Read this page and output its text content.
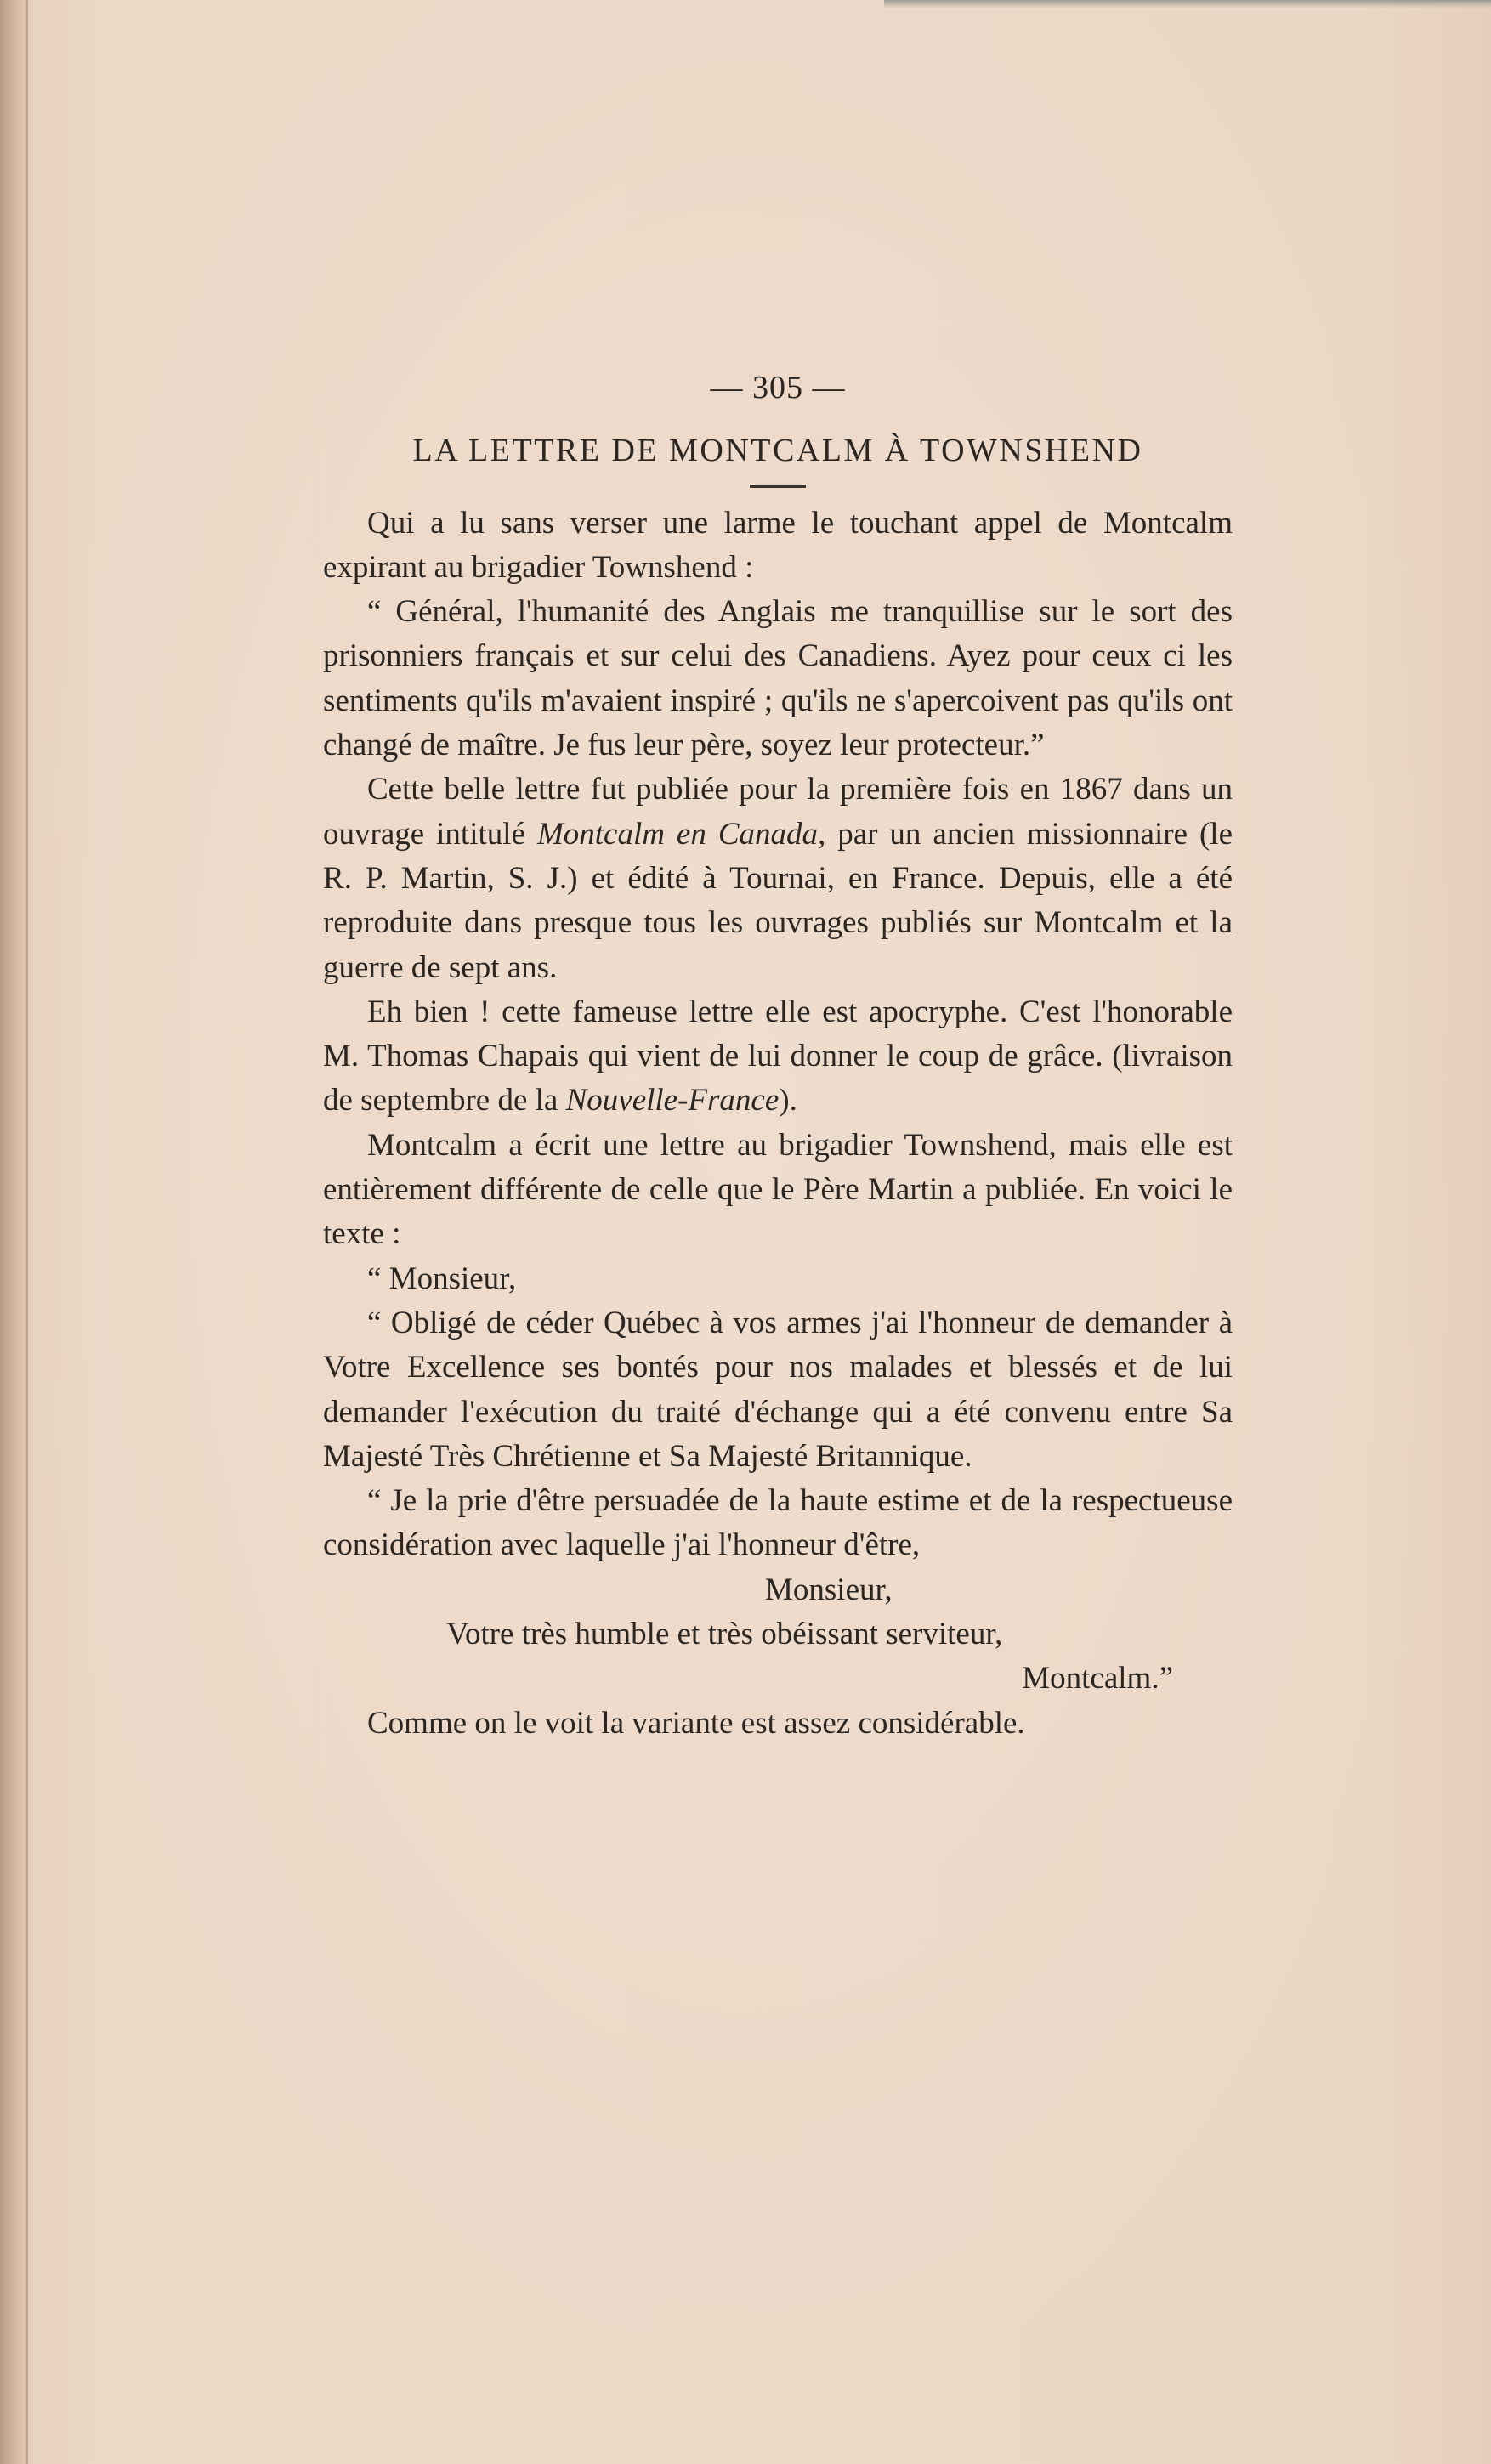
— 305 —
LA LETTRE DE MONTCALM À TOWNSHEND

Qui a lu sans verser une larme le touchant appel de Montcalm expirant au brigadier Townshend :

“ Général, l'humanité des Anglais me tranquillise sur le sort des prisonniers français et sur celui des Canadiens. Ayez pour ceux ci les sentiments qu'ils m'avaient inspiré ; qu'ils ne s'apercoivent pas qu'ils ont changé de maître. Je fus leur père, soyez leur protecteur.”

Cette belle lettre fut publiée pour la première fois en 1867 dans un ouvrage intitulé Montcalm en Canada, par un ancien missionnaire (le R. P. Martin, S. J.) et édité à Tournai, en France. Depuis, elle a été reproduite dans presque tous les ouvrages publiés sur Montcalm et la guerre de sept ans.

Eh bien ! cette fameuse lettre elle est apocryphe. C'est l'honorable M. Thomas Chapais qui vient de lui donner le coup de grâce. (livraison de septembre de la Nouvelle-France).

Montcalm a écrit une lettre au brigadier Townshend, mais elle est entièrement différente de celle que le Père Martin a publiée. En voici le texte :

“ Monsieur,

“ Obligé de céder Québec à vos armes j'ai l'honneur de demander à Votre Excellence ses bontés pour nos malades et blessés et de lui demander l'exécution du traité d'échange qui a été convenu entre Sa Majesté Très Chrétienne et Sa Majesté Britannique.

“ Je la prie d'être persuadée de la haute estime et de la respectueuse considération avec laquelle j'ai l'honneur d'être,

Monsieur,
Votre très humble et très obéissant serviteur,
Montcalm.”

Comme on le voit la variante est assez considérable.
